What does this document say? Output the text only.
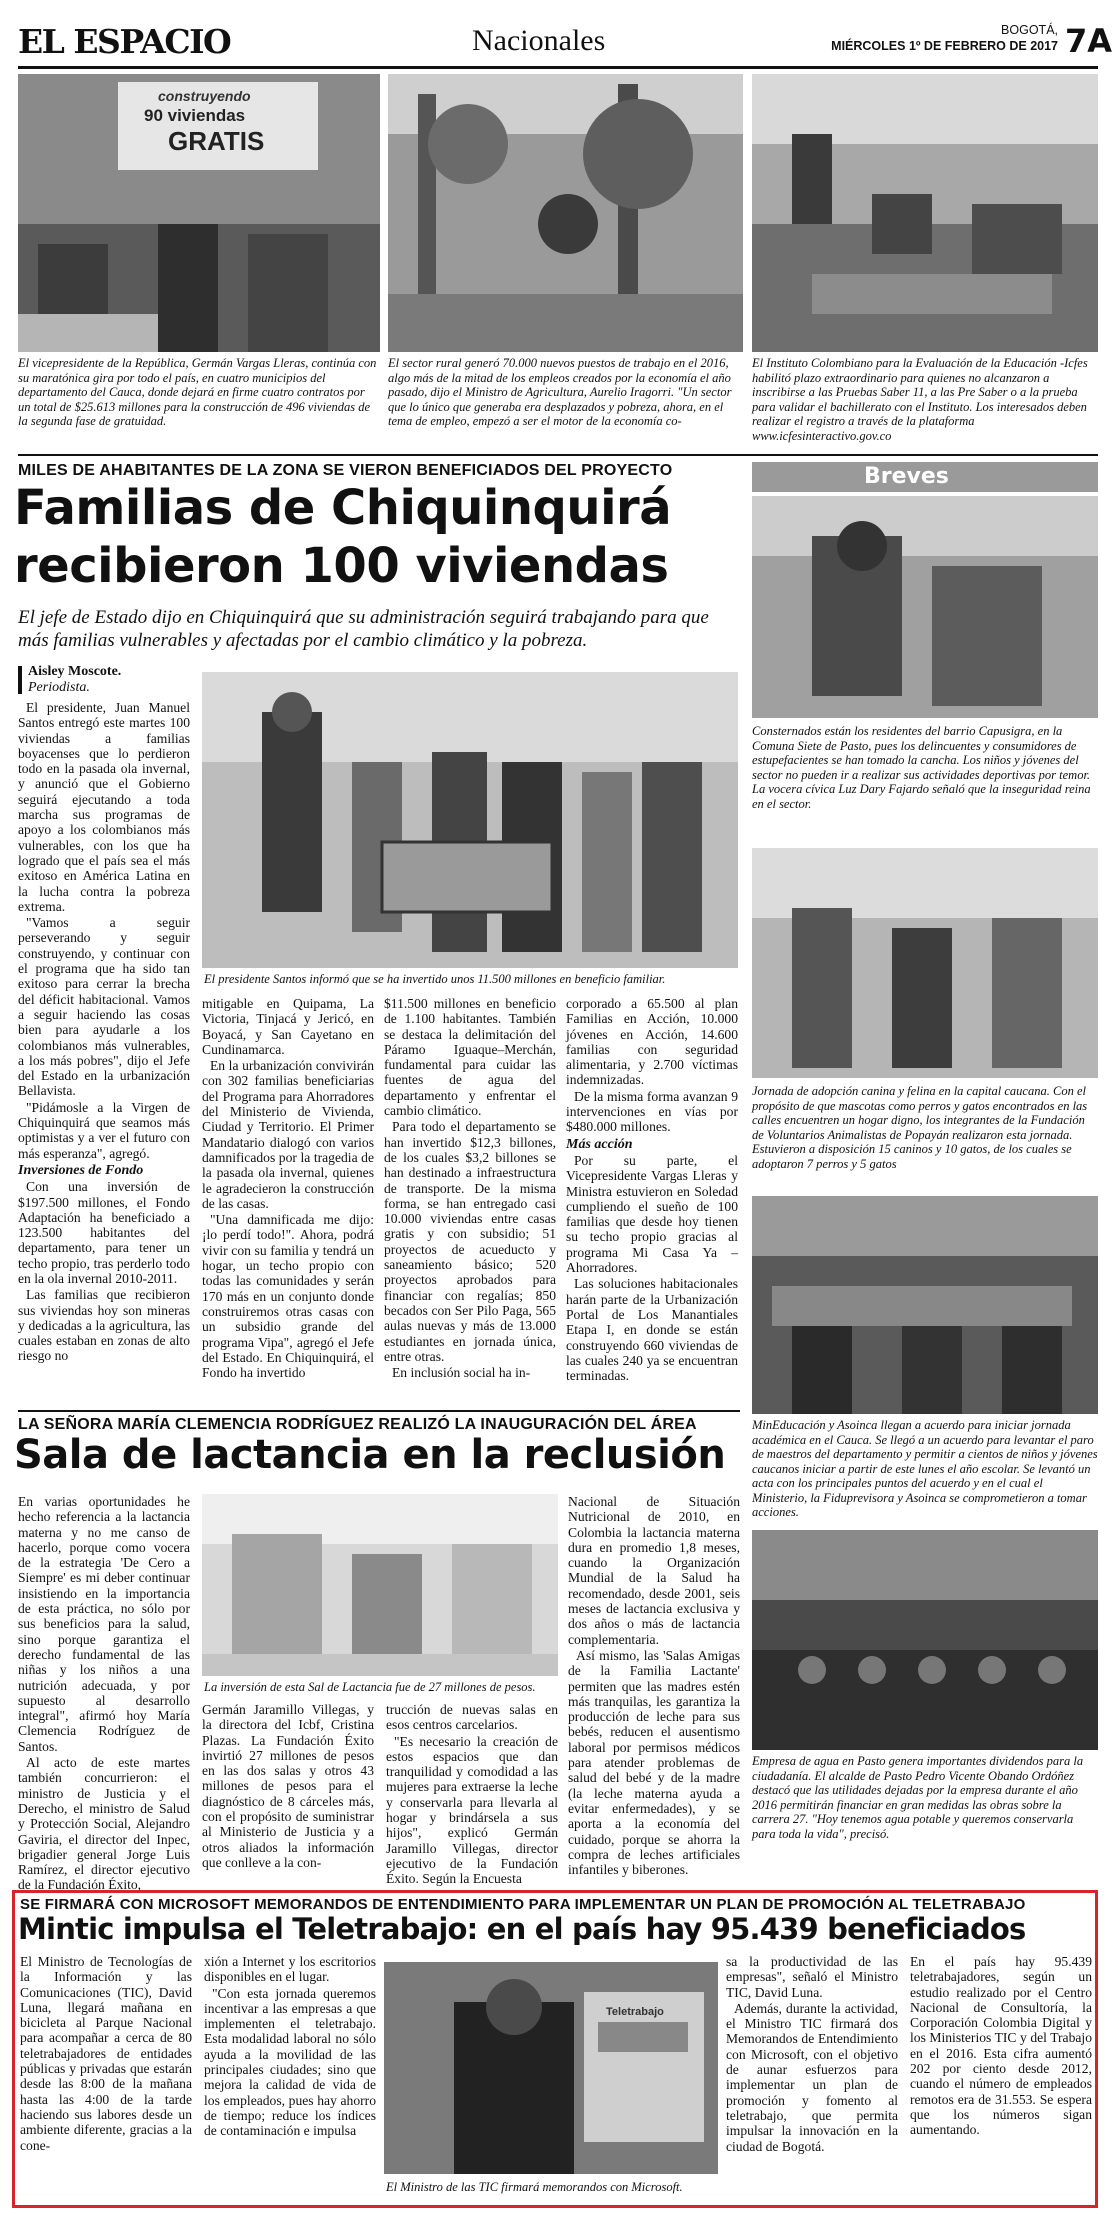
EL ESPACIO	Nacionales	BOGOTÁ,
MIÉRCOLES 1º DE FEBRERO DE 2017 7A
construyendo
90 viviendas
GRATIS
El vicepresidente de la República, Germán Vargas Lleras, continúa con su maratónica gira por todo el país, en cuatro municipios del departamento del Cauca, donde dejará en firme cuatro contratos por un total de $25.613 millones para la construcción de 496 viviendas de la segunda fase de gratuidad.
El sector rural generó 70.000 nuevos puestos de trabajo en el 2016, algo más de la mitad de los empleos creados por la economía el año pasado, dijo el Ministro de Agricultura, Aurelio Iragorri. "Un sector que lo único que generaba era desplazados y pobreza, ahora, en el tema de empleo, empezó a ser el motor de la economía co-
El Instituto Colombiano para la Evaluación de la Educación -Icfes habilitó plazo extraordinario para quienes no alcanzaron a inscribirse a las Pruebas Saber 11, a las Pre Saber o a la prueba para validar el bachillerato con el Instituto. Los interesados deben realizar el registro a través de la plataforma www.icfesinteractivo.gov.co
MILES DE AHABITANTES DE LA ZONA SE VIERON BENEFICIADOS DEL PROYECTO
Familias de Chiquinquirá
recibieron 100 viviendas
El jefe de Estado dijo en Chiquinquirá que su administración seguirá trabajando para que más familias vulnerables y afectadas por el cambio climático y la pobreza.
Aisley Moscote.
Periodista.

El presidente, Juan Manuel Santos entregó este martes 100 viviendas a familias boyacenses que lo perdieron todo en la pasada ola invernal, y anunció que el Gobierno seguirá ejecutando a toda marcha sus programas de apoyo a los colombianos más vulnerables, con los que ha logrado que el país sea el más exitoso en América Latina en la lucha contra la pobreza extrema.

"Vamos a seguir perseverando y seguir construyendo, y continuar con el programa que ha sido tan exitoso para cerrar la brecha del déficit habitacional. Vamos a seguir haciendo las cosas bien para ayudarle a los colombianos más vulnerables, a los más pobres", dijo el Jefe del Estado en la urbanización Bellavista.

"Pidámosle a la Virgen de Chiquinquirá que seamos más optimistas y a ver el futuro con más esperanza", agregó.

Inversiones de Fondo

Con una inversión de $197.500 millones, el Fondo Adaptación ha beneficiado a 123.500 habitantes del departamento, para tener un techo propio, tras perderlo todo en la ola invernal 2010-2011.

Las familias que recibieron sus viviendas hoy son mineras y dedicadas a la agricultura, las cuales estaban en zonas de alto riesgo no

El presidente Santos informó que se ha invertido unos 11.500 millones en beneficio familiar.

mitigable en Quipama, La Victoria, Tinjacá y Jericó, en Boyacá, y San Cayetano en Cundinamarca.

En la urbanización convivirán con 302 familias beneficiarias del Programa para Ahorradores del Ministerio de Vivienda, Ciudad y Territorio. El Primer Mandatario dialogó con varios damnificados por la tragedia de la pasada ola invernal, quienes le agradecieron la construcción de las casas.

"Una damnificada me dijo: ¡lo perdí todo!". Ahora, podrá vivir con su familia y tendrá un hogar, un techo propio con todas las comunidades y serán 170 más en un conjunto donde construiremos otras casas con un subsidio grande del programa Vipa", agregó el Jefe del Estado. En Chiquinquirá, el Fondo ha invertido

$11.500 millones en beneficio de 1.100 habitantes. También se destaca la delimitación del Páramo Iguaque–Merchán, fundamental para cuidar las fuentes de agua del departamento y enfrentar el cambio climático.

Para todo el departamento se han invertido $12,3 billones, de los cuales $3,2 billones se han destinado a infraestructura de transporte. De la misma forma, se han entregado casi 10.000 viviendas entre casas gratis y con subsidio; 51 proyectos de acueducto y saneamiento básico; 520 proyectos aprobados para financiar con regalías; 850 becados con Ser Pilo Paga, 565 aulas nuevas y más de 13.000 estudiantes en jornada única, entre otras.

En inclusión social ha in-

corporado a 65.500 al plan Familias en Acción, 10.000 jóvenes en Acción, 14.600 familias con seguridad alimentaria, y 2.700 víctimas indemnizadas.

De la misma forma avanzan 9 intervenciones en vías por $480.000 millones.

Más acción

Por su parte, el Vicepresidente Vargas Lleras y Ministra estuvieron en Soledad cumpliendo el sueño de 100 familias que desde hoy tienen su techo propio gracias al programa Mi Casa Ya – Ahorradores.

Las soluciones habitacionales harán parte de la Urbanización Portal de Los Manantiales Etapa I, en donde se están construyendo 660 viviendas de las cuales 240 ya se encuentran terminadas.

Breves
Consternados están los residentes del barrio Capusigra, en la Comuna Siete de Pasto, pues los delincuentes y consumidores de estupefacientes se han tomado la cancha. Los niños y jóvenes del sector no pueden ir a realizar sus actividades deportivas por temor. La vocera cívica Luz Dary Fajardo señaló que la inseguridad reina en el sector.
Jornada de adopción canina y felina en la capital caucana. Con el propósito de que mascotas como perros y gatos encontrados en las calles encuentren un hogar digno, los integrantes de la Fundación de Voluntarios Animalistas de Popayán realizaron esta jornada. Estuvieron a disposición 15 caninos y 10 gatos, de los cuales se adoptaron 7 perros y 5 gatos
MinEducación y Asoinca llegan a acuerdo para iniciar jornada académica en el Cauca. Se llegó a un acuerdo para levantar el paro de maestros del departamento y permitir a cientos de niños y jóvenes caucanos iniciar a partir de este lunes el año escolar. Se levantó un acta con los principales puntos del acuerdo y en el cual el Ministerio, la Fiduprevisora y Asoinca se comprometieron a tomar acciones.
Empresa de agua en Pasto genera importantes dividendos para la ciudadanía. El alcalde de Pasto Pedro Vicente Obando Ordóñez destacó que las utilidades dejadas por la empresa durante el año 2016 permitirán financiar en gran medidas las obras sobre la carrera 27. "Hoy tenemos agua potable y queremos conservarla para toda la vida", precisó.
LA SEÑORA MARÍA CLEMENCIA RODRÍGUEZ REALIZÓ LA INAUGURACIÓN DEL ÁREA
Sala de lactancia en la reclusión

En varias oportunidades he hecho referencia a la lactancia materna y no me canso de hacerlo, porque como vocera de la estrategia 'De Cero a Siempre' es mi deber continuar insistiendo en la importancia de esta práctica, no sólo por sus beneficios para la salud, sino porque garantiza el derecho fundamental de las niñas y los niños a una nutrición adecuada, y por supuesto al desarrollo integral", afirmó hoy María Clemencia Rodríguez de Santos.

Al acto de este martes también concurrieron: el ministro de Justicia y el Derecho, el ministro de Salud y Protección Social, Alejandro Gaviria, el director del Inpec, brigadier general Jorge Luis Ramírez, el director ejecutivo de la Fundación Éxito,

La inversión de esta Sal de Lactancia fue de 27 millones de pesos.

Germán Jaramillo Villegas, y la directora del Icbf, Cristina Plazas. La Fundación Éxito invirtió 27 millones de pesos en las dos salas y otros 43 millones de pesos para el diagnóstico de 8 cárceles más, con el propósito de suministrar al Ministerio de Justicia y a otros aliados la información que conlleve a la con-

trucción de nuevas salas en esos centros carcelarios.

"Es necesario la creación de estos espacios que dan tranquilidad y comodidad a las mujeres para extraerse la leche y conservarla para llevarla al hogar y brindársela a sus hijos", explicó Germán Jaramillo Villegas, director ejecutivo de la Fundación Éxito. Según la Encuesta

Nacional de Situación Nutricional de 2010, en Colombia la lactancia materna dura en promedio 1,8 meses, cuando la Organización Mundial de la Salud ha recomendado, desde 2001, seis meses de lactancia exclusiva y dos años o más de lactancia complementaria.

Así mismo, las 'Salas Amigas de la Familia Lactante' permiten que las madres estén más tranquilas, les garantiza la producción de leche para sus bebés, reducen el ausentismo laboral por permisos médicos para atender problemas de salud del bebé y de la madre (la leche materna ayuda a evitar enfermedades), y se aporta a la economía del cuidado, porque se ahorra la compra de leches artificiales infantiles y biberones.

SE FIRMARÁ CON MICROSOFT MEMORANDOS DE ENTENDIMIENTO PARA IMPLEMENTAR UN PLAN DE PROMOCIÓN AL TELETRABAJO
Mintic impulsa el Teletrabajo: en el país hay 95.439 beneficiados

El Ministro de Tecnologías de la Información y las Comunicaciones (TIC), David Luna, llegará mañana en bicicleta al Parque Nacional para acompañar a cerca de 80 teletrabajadores de entidades públicas y privadas que estarán desde las 8:00 de la mañana hasta las 4:00 de la tarde haciendo sus labores desde un ambiente diferente, gracias a la cone-

xión a Internet y los escritorios disponibles en el lugar.

"Con esta jornada queremos incentivar a las empresas a que implementen el teletrabajo. Esta modalidad laboral no sólo ayuda a la movilidad de las principales ciudades; sino que mejora la calidad de vida de los empleados, pues hay ahorro de tiempo; reduce los índices de contaminación e impulsa

Teletrabajo
El Ministro de las TIC firmará memorandos con Microsoft.

sa la productividad de las empresas", señaló el Ministro TIC, David Luna.

Además, durante la actividad, el Ministro TIC firmará dos Memorandos de Entendimiento con Microsoft, con el objetivo de aunar esfuerzos para implementar un plan de promoción y fomento al teletrabajo, que permita impulsar la innovación en la ciudad de Bogotá.

En el país hay 95.439 teletrabajadores, según un estudio realizado por el Centro Nacional de Consultoría, la Corporación Colombia Digital y los Ministerios TIC y del Trabajo en el 2016. Esta cifra aumentó 202 por ciento desde 2012, cuando el número de empleados remotos era de 31.553. Se espera que los números sigan aumentando.
